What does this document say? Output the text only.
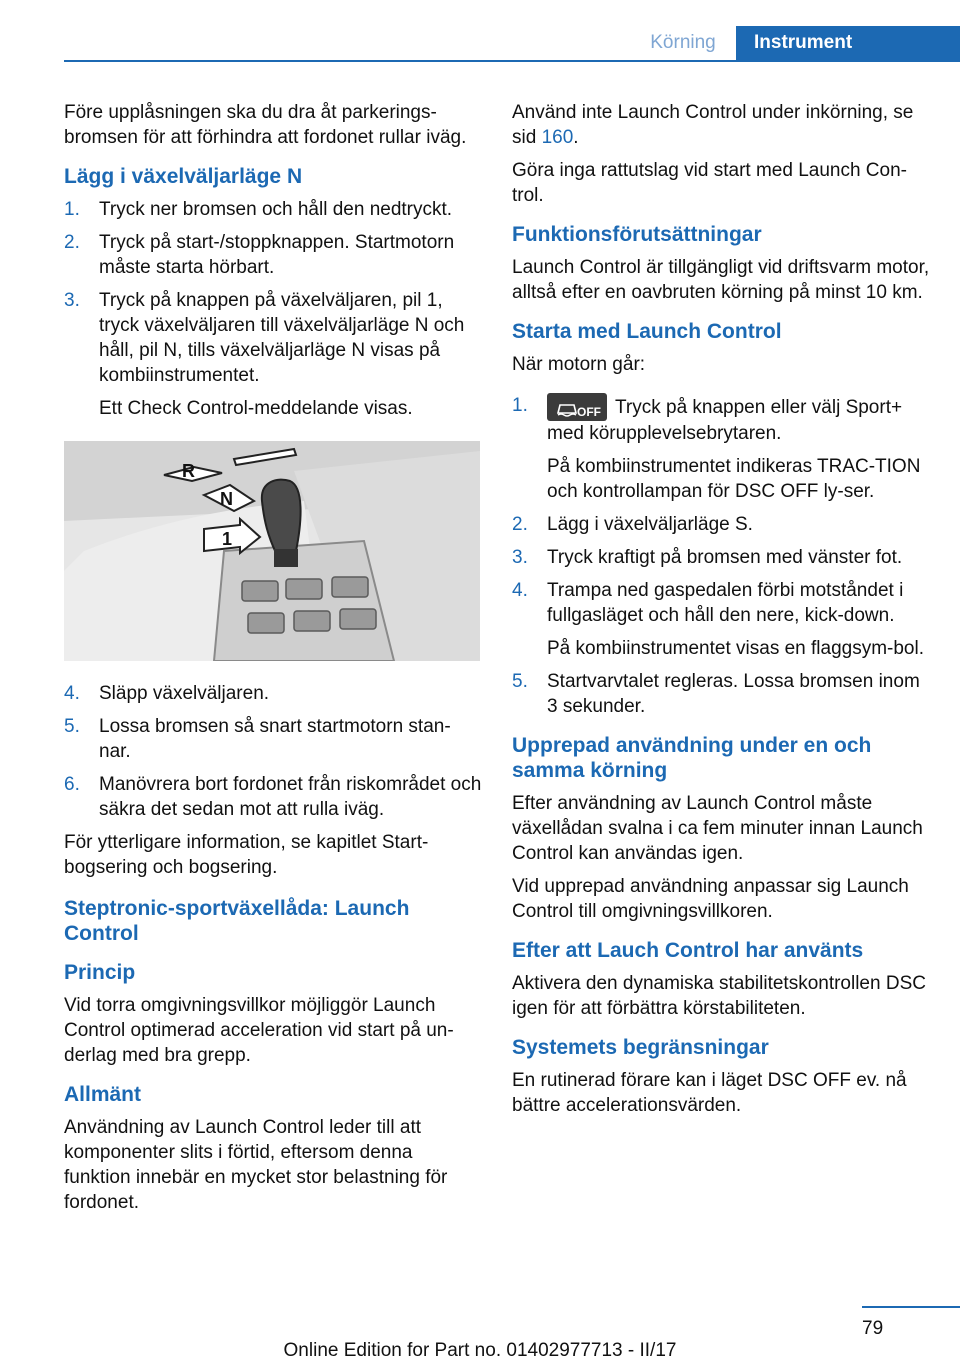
Körning	Instrument

Före upplåsningen ska du dra åt parkerings-bromsen för att förhindra att fordonet rullar iväg.

Lägg i växelväljarläge N
1. Tryck ner bromsen och håll den nedtryckt.
2. Tryck på start-/stoppknappen. Startmotorn måste starta hörbart.
3. Tryck på knappen på växelväljaren, pil 1, tryck växelväljaren till växelväljarläge N och håll, pil N, tills växelväljarläge N visas på kombiinstrumentet.

Ett Check Control-meddelande visas.

R
N
1
4. Släpp växelväljaren.
5. Lossa bromsen så snart startmotorn stan-nar.
6. Manövrera bort fordonet från riskområdet och säkra det sedan mot att rulla iväg.

För ytterligare information, se kapitlet Start-bogsering och bogsering.

Steptronic-sportväxellåda: Launch Control
Princip

Vid torra omgivningsvillkor möjliggör Launch Control optimerad acceleration vid start på un-derlag med bra grepp.

Allmänt

Användning av Launch Control leder till att komponenter slits i förtid, eftersom denna funktion innebär en mycket stor belastning för fordonet.

Använd inte Launch Control under inkörning, se sid 160.

Göra inga rattutslag vid start med Launch Con-trol.

Funktionsförutsättningar

Launch Control är tillgängligt vid driftsvarm motor, alltså efter en oavbruten körning på minst 10 km.

Starta med Launch Control

När motorn går:

1.	OFF Tryck på knappen eller välj Sport+ med körupplevelsebrytaren.

På kombiinstrumentet indikeras TRAC-TION och kontrollampan för DSC OFF ly-ser.

2. Lägg i växelväljarläge S.
3. Tryck kraftigt på bromsen med vänster fot.
4. Trampa ned gaspedalen förbi motståndet i fullgasläget och håll den nere, kick-down.

På kombiinstrumentet visas en flaggsym-bol.

5. Startvarvtalet regleras. Lossa bromsen inom 3 sekunder.
Upprepad användning under en och samma körning

Efter användning av Launch Control måste växellådan svalna i ca fem minuter innan Launch Control kan användas igen.

Vid upprepad användning anpassar sig Launch Control till omgivningsvillkoren.

Efter att Lauch Control har använts

Aktivera den dynamiska stabilitetskontrollen DSC igen för att förbättra körstabiliteten.

Systemets begränsningar

En rutinerad förare kan i läget DSC OFF ev. nå bättre accelerationsvärden.

79
Online Edition for Part no. 01402977713 - II/17
